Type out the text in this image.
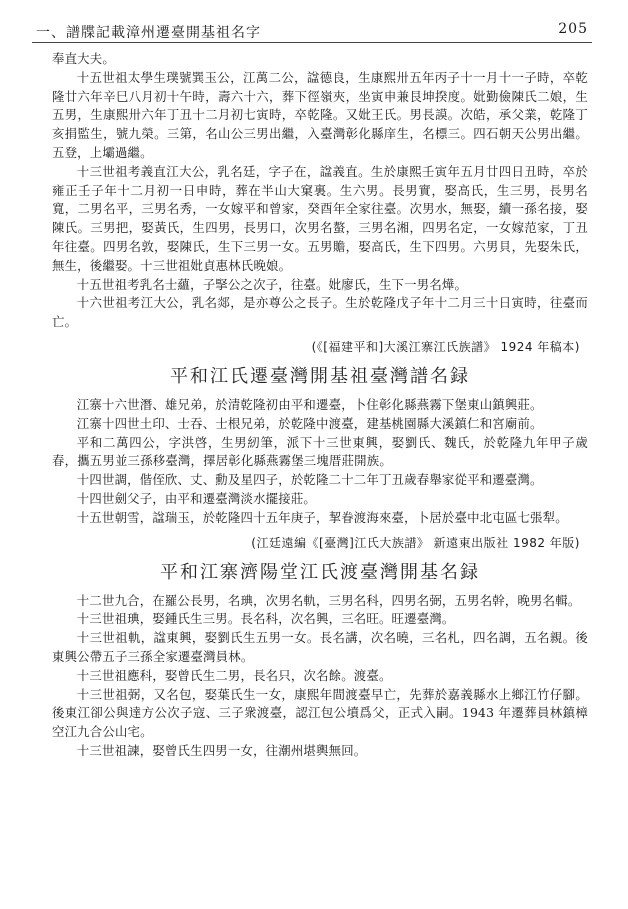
一、譜牒記載漳州遷臺開基祖名字	205

奉直大夫。

十五世祖太學生璞號巽玉公，江萬二公，諡德良，生康熙卅五年丙子十一月十一子時，卒乾隆廿六年辛巳八月初十午時，壽六十六，葬下徑嶺夾，坐寅申兼艮坤揆度。妣勤儉陳氏二娘，生五男，生康熙卅六年丁丑十二月初七寅時，卒乾隆。又妣王氏。男長謨。次皓，承父業，乾隆丁亥捐監生，號九榮。三第，名山公三男出繼，入臺灣彰化縣庠生，名標三。四石朝天公男出繼。五登，上壩過繼。

十三世祖考義直江大公，乳名廷，字子在，諡義直。生於康熙壬寅年五月廿四日丑時，卒於雍正壬子年十二月初一日申時，葬在半山大窠裏。生六男。長男實，娶高氏，生三男，長男名寬，二男名平，三男名秀，一女嫁平和曾家，癸酉年全家往臺。次男水，無娶，續一孫名接，娶陳氏。三男把，娶黃氏，生四男，長男口，次男名螯，三男名湘，四男名定，一女嫁范家，丁丑年往臺。四男名敦，娶陳氏，生下三男一女。五男贍，娶高氏，生下四男。六男貝，先娶朱氏，無生，後繼娶。十三世祖妣貞惠林氏晚娘。

十五世祖考乳名士蘊，子掔公之次子，往臺。妣廖氏，生下一男名燁。

十六世祖考江大公，乳名郯，是亦尊公之長子。生於乾隆戊子年十二月三十日寅時，往臺而亡。

(《[福建平和]大溪江寨江氏族譜》 1924 年稿本)
平和江氏遷臺灣開基祖臺灣譜名録

江寨十六世潛、雄兄弟，於清乾隆初由平和遷臺，卜住彰化縣燕霧下堡東山鎮興莊。

江寨十四世土印、士吞、士根兄弟，於乾隆中渡臺，建基桃園縣大溪鎮仁和宮廟前。

平和二萬四公，字洪啓，生男紉筆，派下十三世東興，娶劉氏、魏氏，於乾隆九年甲子歲春，攜五男並三孫移臺灣，擇居彰化縣燕霧堡三塊厝莊開族。

十四世調，偕侄欣、丈、勳及星四子，於乾隆二十二年丁丑歲春舉家從平和遷臺灣。

十四世劍父子，由平和遷臺灣淡水擺接莊。

十五世朝雪，諡瑞玉，於乾隆四十五年庚子，挈眷渡海來臺，卜居於臺中北屯區七張犁。

(江廷遠編《[臺灣]江氏大族譜》 新遠東出版社 1982 年版)
平和江寨濟陽堂江氏渡臺灣開基名録

十二世九合，在羅公長男，名琠，次男名軌，三男名科，四男名弼，五男名幹，晚男名輯。

十三世祖琠，娶鍾氏生三男。長名科，次名興，三名旺。旺遷臺灣。

十三世祖軌，諡東興，娶劉氏生五男一女。長名講，次名曉，三名札，四名調，五名親。後東興公帶五子三孫全家遷臺灣員林。

十三世祖應科，娶曾氏生二男，長名只，次名餘。渡臺。

十三世祖弼，又名包，娶葉氏生一女，康熙年間渡臺早亡，先葬於嘉義縣水上鄉江竹仔腳。後東江卻公與達方公次子寇、三子衆渡臺，認江包公墳爲父，正式入嗣。1943 年遷葬員林鎮樟空江九合公山宅。

十三世祖諫，娶曾氏生四男一女，往潮州堪輿無回。
